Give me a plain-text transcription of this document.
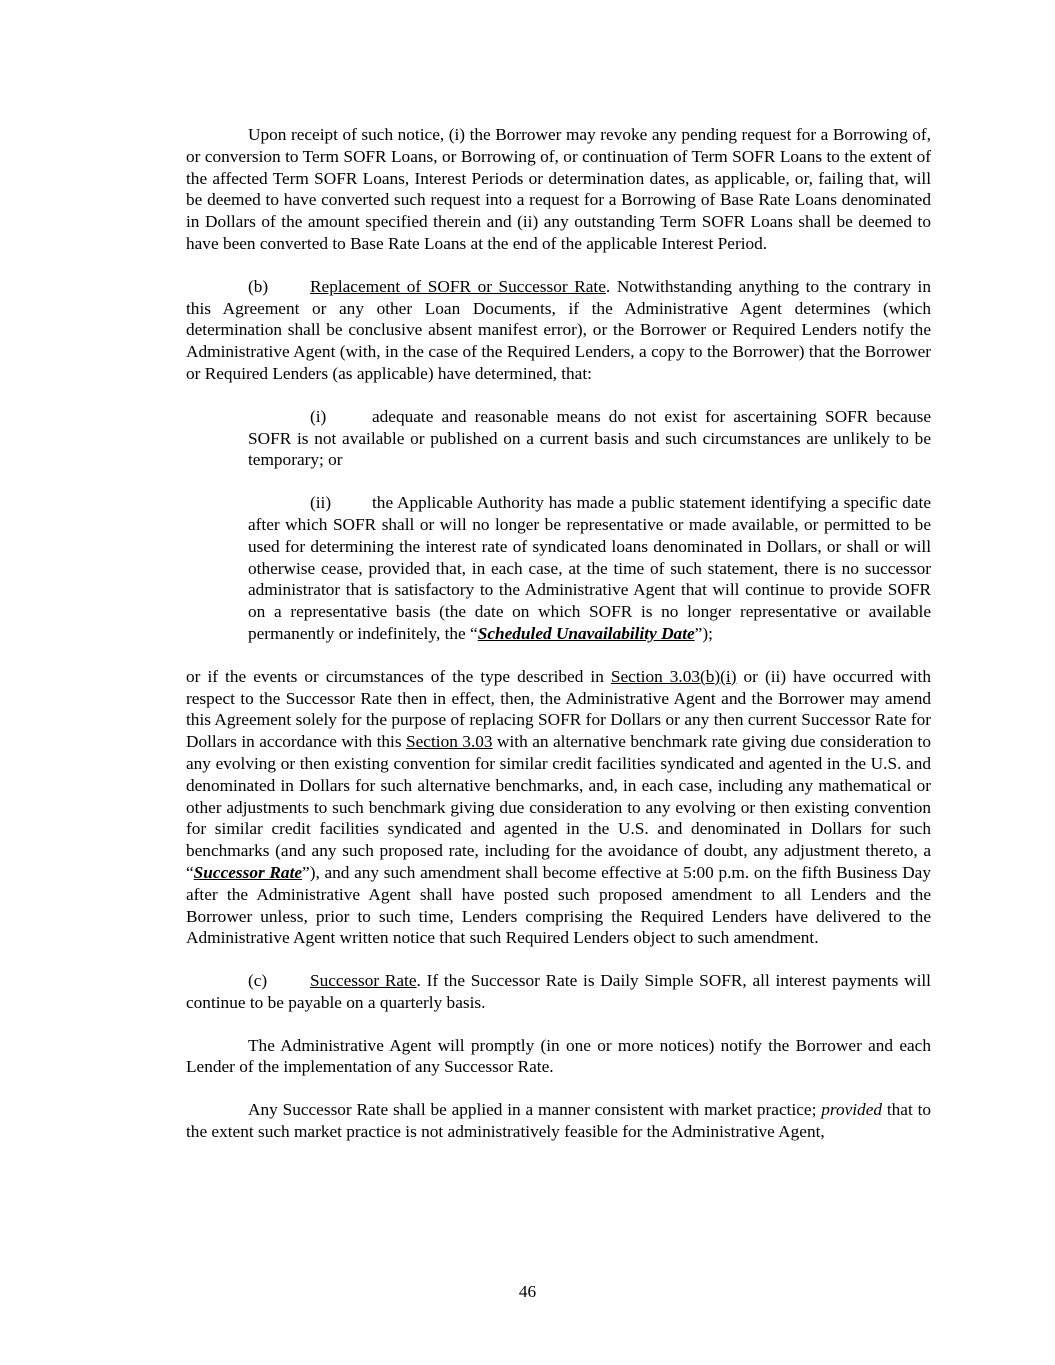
Upon receipt of such notice, (i) the Borrower may revoke any pending request for a Borrowing of, or conversion to Term SOFR Loans, or Borrowing of, or continuation of Term SOFR Loans to the extent of the affected Term SOFR Loans, Interest Periods or determination dates, as applicable, or, failing that, will be deemed to have converted such request into a request for a Borrowing of Base Rate Loans denominated in Dollars of the amount specified therein and (ii) any outstanding Term SOFR Loans shall be deemed to have been converted to Base Rate Loans at the end of the applicable Interest Period.

(b) Replacement of SOFR or Successor Rate. Notwithstanding anything to the contrary in this Agreement or any other Loan Documents, if the Administrative Agent determines (which determination shall be conclusive absent manifest error), or the Borrower or Required Lenders notify the Administrative Agent (with, in the case of the Required Lenders, a copy to the Borrower) that the Borrower or Required Lenders (as applicable) have determined, that:

(i)	adequate and reasonable means do not exist for ascertaining SOFR because SOFR is not available or published on a current basis and such circumstances are unlikely to be temporary; or

(ii) the Applicable Authority has made a public statement identifying a specific date after which SOFR shall or will no longer be representative or made available, or permitted to be used for determining the interest rate of syndicated loans denominated in Dollars, or shall or will otherwise cease, provided that, in each case, at the time of such statement, there is no successor administrator that is satisfactory to the Administrative Agent that will continue to provide SOFR on a representative basis (the date on which SOFR is no longer representative or available permanently or indefinitely, the “Scheduled Unavailability Date”);

or if the events or circumstances of the type described in Section 3.03(b)(i) or (ii) have occurred with respect to the Successor Rate then in effect, then, the Administrative Agent and the Borrower may amend this Agreement solely for the purpose of replacing SOFR for Dollars or any then current Successor Rate for Dollars in accordance with this Section 3.03 with an alternative benchmark rate giving due consideration to any evolving or then existing convention for similar credit facilities syndicated and agented in the U.S. and denominated in Dollars for such alternative benchmarks, and, in each case, including any mathematical or other adjustments to such benchmark giving due consideration to any evolving or then existing convention for similar credit facilities syndicated and agented in the U.S. and denominated in Dollars for such benchmarks (and any such proposed rate, including for the avoidance of doubt, any adjustment thereto, a “Successor Rate”), and any such amendment shall become effective at 5:00 p.m. on the fifth Business Day after the Administrative Agent shall have posted such proposed amendment to all Lenders and the Borrower unless, prior to such time, Lenders comprising the Required Lenders have delivered to the Administrative Agent written notice that such Required Lenders object to such amendment.

(c) Successor Rate. If the Successor Rate is Daily Simple SOFR, all interest payments will continue to be payable on a quarterly basis.

The Administrative Agent will promptly (in one or more notices) notify the Borrower and each Lender of the implementation of any Successor Rate.

Any Successor Rate shall be applied in a manner consistent with market practice; provided that to the extent such market practice is not administratively feasible for the Administrative Agent,

46
